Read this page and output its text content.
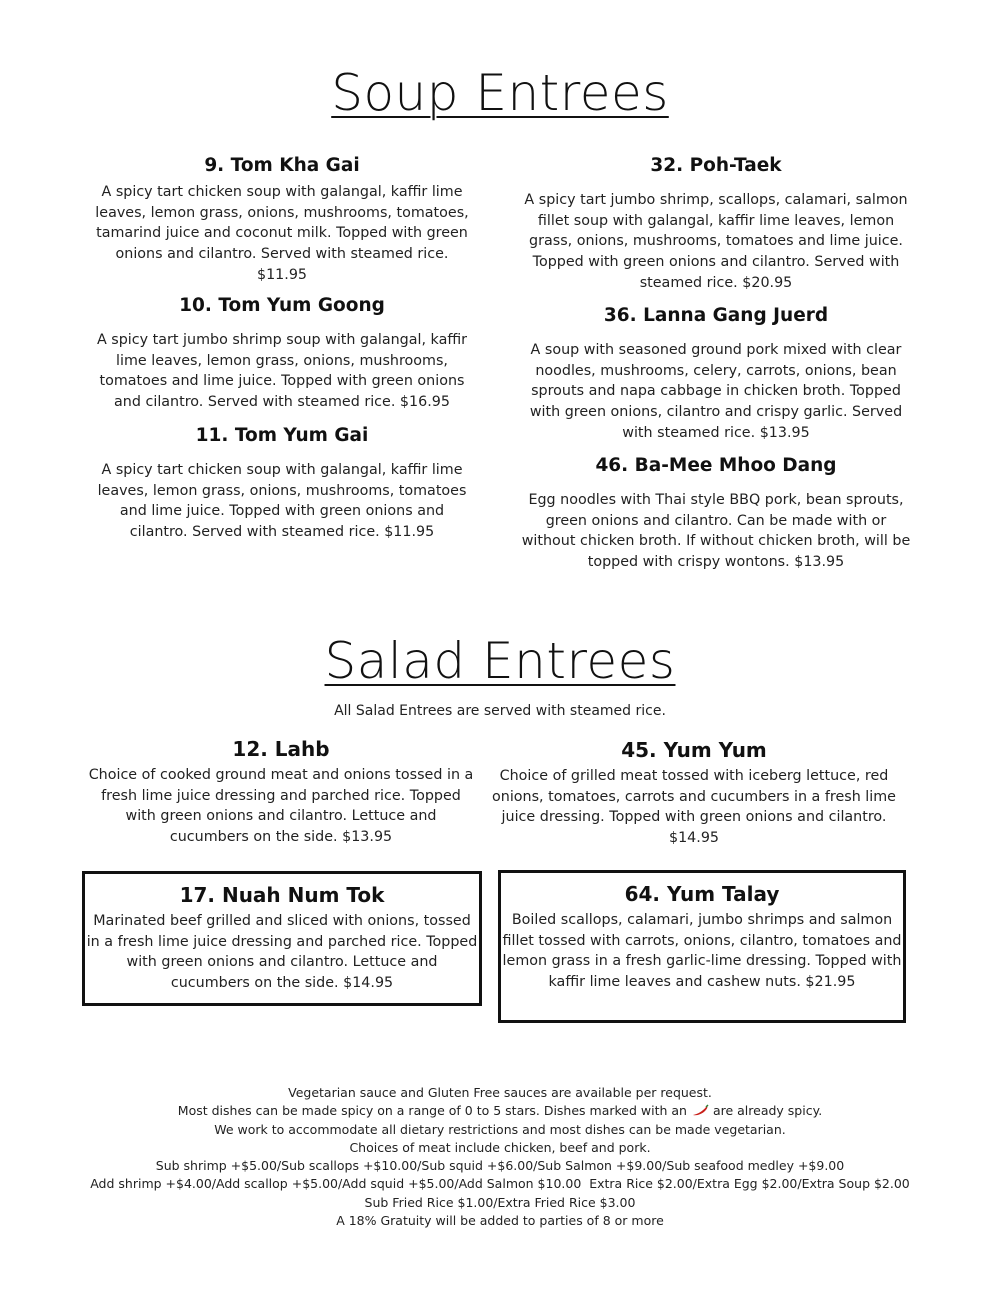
Soup Entrees
9. Tom Kha Gai

A spicy tart chicken soup with galangal, kaffir lime leaves, lemon grass, onions, mushrooms, tomatoes, tamarind juice and coconut milk. Topped with green onions and cilantro. Served with steamed rice. $11.95

10. Tom Yum Goong

A spicy tart jumbo shrimp soup with galangal, kaffir lime leaves, lemon grass, onions, mushrooms, tomatoes and lime juice. Topped with green onions and cilantro. Served with steamed rice. $16.95

11. Tom Yum Gai

A spicy tart chicken soup with galangal, kaffir lime leaves, lemon grass, onions, mushrooms, tomatoes and lime juice. Topped with green onions and cilantro. Served with steamed rice. $11.95

32. Poh-Taek

A spicy tart jumbo shrimp, scallops, calamari, salmon fillet soup with galangal, kaffir lime leaves, lemon grass, onions, mushrooms, tomatoes and lime juice. Topped with green onions and cilantro. Served with steamed rice. $20.95

36. Lanna Gang Juerd

A soup with seasoned ground pork mixed with clear noodles, mushrooms, celery, carrots, onions, bean sprouts and napa cabbage in chicken broth. Topped with green onions, cilantro and crispy garlic. Served with steamed rice. $13.95

46. Ba-Mee Mhoo Dang

Egg noodles with Thai style BBQ pork, bean sprouts, green onions and cilantro. Can be made with or without chicken broth. If without chicken broth, will be topped with crispy wontons. $13.95

Salad Entrees
All Salad Entrees are served with steamed rice.
12. Lahb

Choice of cooked ground meat and onions tossed in a fresh lime juice dressing and parched rice. Topped with green onions and cilantro. Lettuce and cucumbers on the side. $13.95

45. Yum Yum

Choice of grilled meat tossed with iceberg lettuce, red onions, tomatoes, carrots and cucumbers in a fresh lime juice dressing. Topped with green onions and cilantro. $14.95

17. Nuah Num Tok

Marinated beef grilled and sliced with onions, tossed in a fresh lime juice dressing and parched rice. Topped with green onions and cilantro. Lettuce and cucumbers on the side. $14.95

64. Yum Talay

Boiled scallops, calamari, jumbo shrimps and salmon fillet tossed with carrots, onions, cilantro, tomatoes and lemon grass in a fresh garlic-lime dressing. Topped with kaffir lime leaves and cashew nuts. $21.95

Vegetarian sauce and Gluten Free sauces are available per request.

Most dishes can be made spicy on a range of 0 to 5 stars. Dishes marked with an are already spicy.

We work to accommodate all dietary restrictions and most dishes can be made vegetarian.

Choices of meat include chicken, beef and pork.

Sub shrimp +$5.00/Sub scallops +$10.00/Sub squid +$6.00/Sub Salmon +$9.00/Sub seafood medley +$9.00

Add shrimp +$4.00/Add scallop +$5.00/Add squid +$5.00/Add Salmon $10.00  Extra Rice $2.00/Extra Egg $2.00/Extra Soup $2.00

Sub Fried Rice $1.00/Extra Fried Rice $3.00

A 18% Gratuity will be added to parties of 8 or more
